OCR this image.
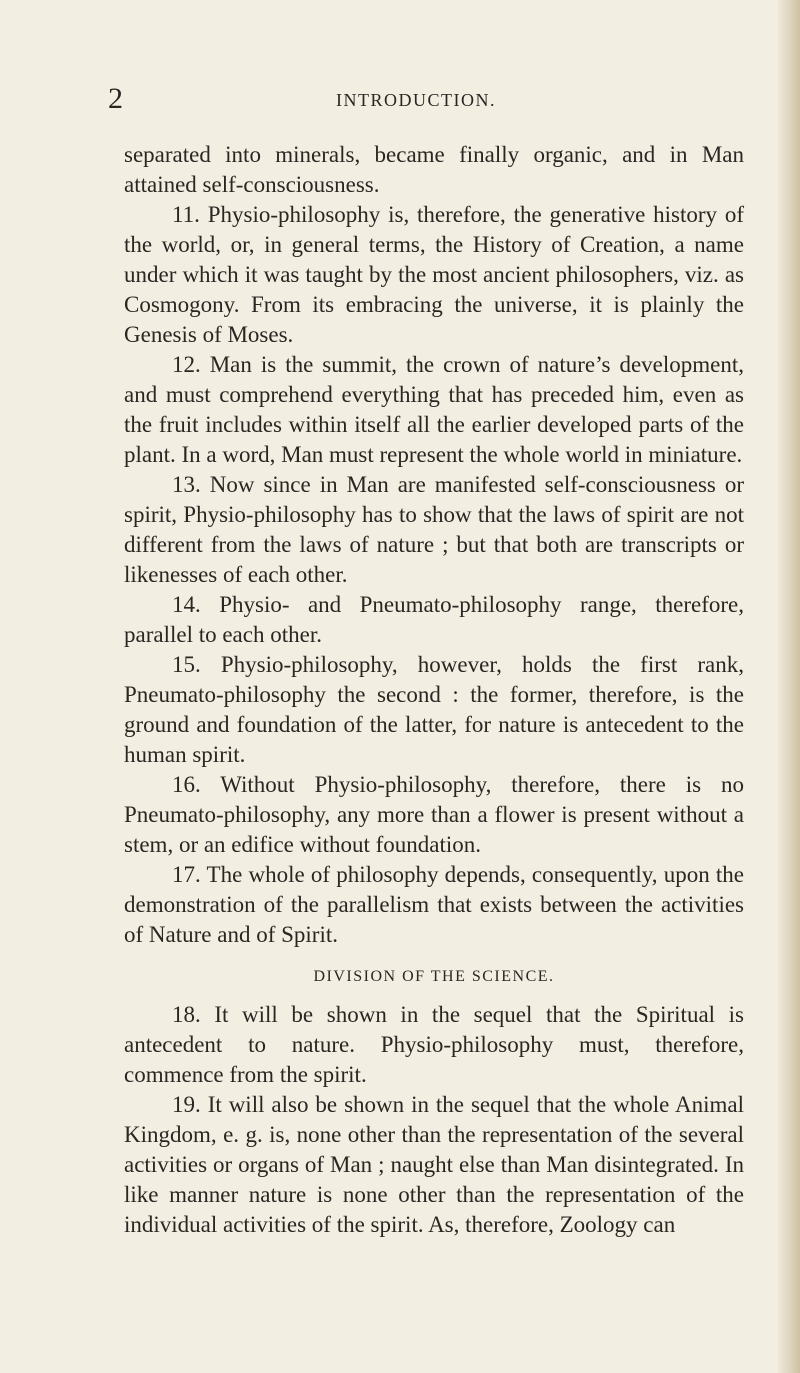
2	INTRODUCTION.

separated into minerals, became finally organic, and in Man attained self-consciousness.

11. Physio-philosophy is, therefore, the generative history of the world, or, in general terms, the History of Creation, a name under which it was taught by the most ancient philosophers, viz. as Cosmogony. From its embracing the universe, it is plainly the Genesis of Moses.

12. Man is the summit, the crown of nature’s development, and must comprehend everything that has preceded him, even as the fruit includes within itself all the earlier developed parts of the plant. In a word, Man must represent the whole world in miniature.

13. Now since in Man are manifested self-consciousness or spirit, Physio-philosophy has to show that the laws of spirit are not different from the laws of nature ; but that both are transcripts or likenesses of each other.

14. Physio- and Pneumato-philosophy range, therefore, parallel to each other.

15. Physio-philosophy, however, holds the first rank, Pneumato-philosophy the second : the former, therefore, is the ground and foundation of the latter, for nature is antecedent to the human spirit.

16. Without Physio-philosophy, therefore, there is no Pneumato-philosophy, any more than a flower is present without a stem, or an edifice without foundation.

17. The whole of philosophy depends, consequently, upon the demonstration of the parallelism that exists between the activities of Nature and of Spirit.

DIVISION OF THE SCIENCE.

18. It will be shown in the sequel that the Spiritual is antecedent to nature. Physio-philosophy must, therefore, commence from the spirit.

19. It will also be shown in the sequel that the whole Animal Kingdom, e. g. is, none other than the representation of the several activities or organs of Man ; naught else than Man disintegrated. In like manner nature is none other than the representation of the individual activities of the spirit. As, therefore, Zoology can
